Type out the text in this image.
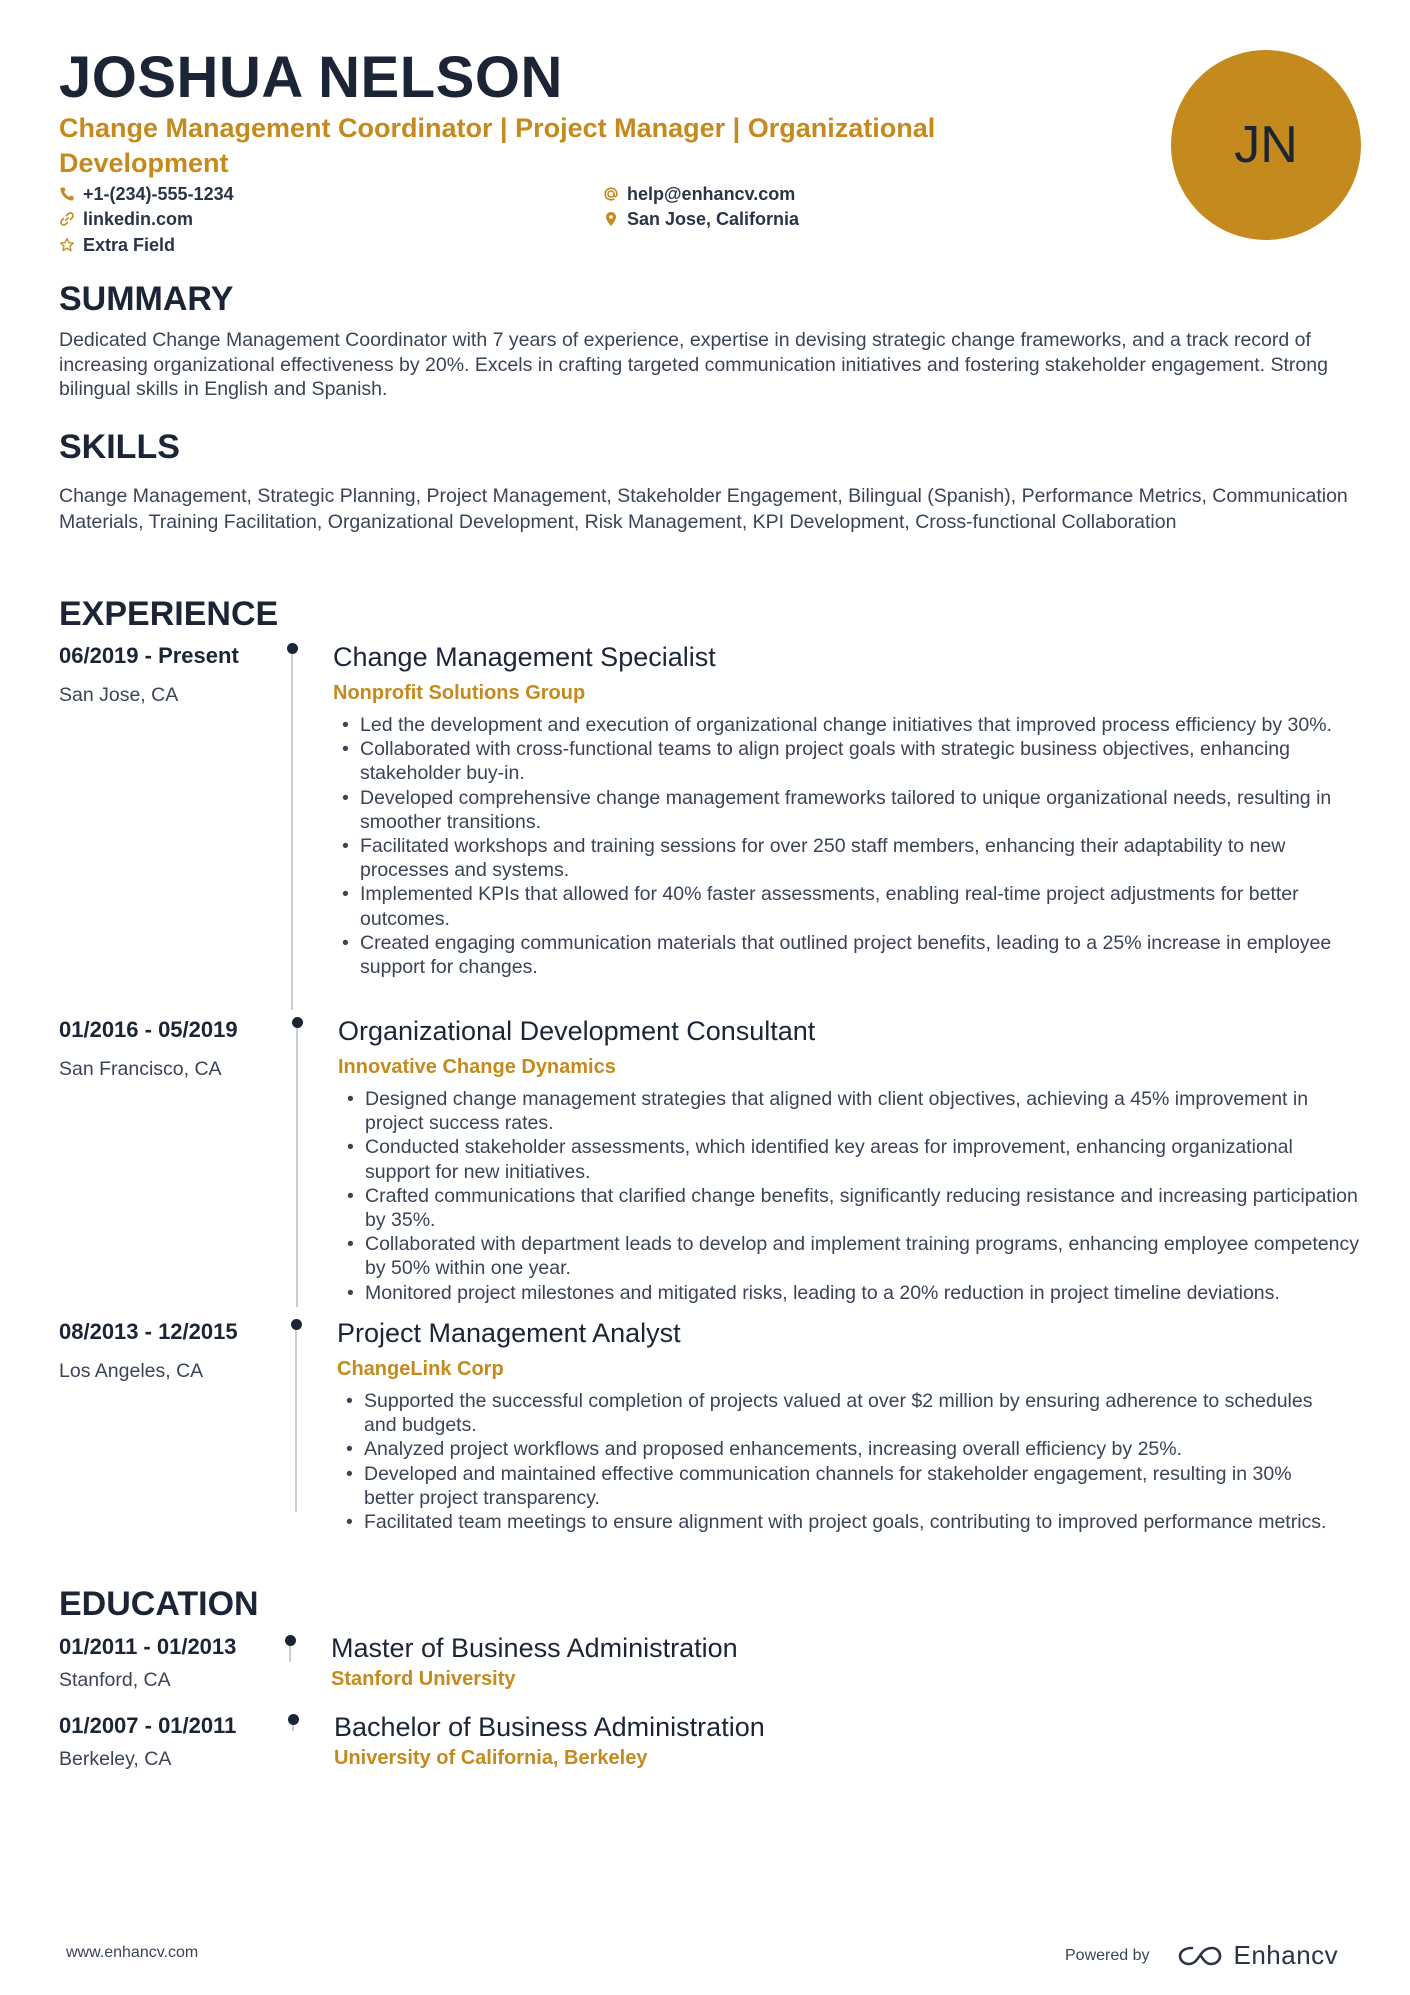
JOSHUA NELSON
Change Management Coordinator | Project Manager | Organizational Development	JN
+1-(234)-555-1234	help@enhancv.com
linkedin.com	San Jose, California
Extra Field
SUMMARY
Dedicated Change Management Coordinator with 7 years of experience, expertise in devising strategic change frameworks, and a track record of increasing organizational effectiveness by 20%. Excels in crafting targeted communication initiatives and fostering stakeholder engagement. Strong bilingual skills in English and Spanish.
SKILLS
Change Management, Strategic Planning, Project Management, Stakeholder Engagement, Bilingual (Spanish), Performance Metrics, Communication Materials, Training Facilitation, Organizational Development, Risk Management, KPI Development, Cross-functional Collaboration
EXPERIENCE
06/2019 - Present
San Jose, CA
Change Management Specialist
Nonprofit Solutions Group
• Led the development and execution of organizational change initiatives that improved process efficiency by 30%.
• Collaborated with cross-functional teams to align project goals with strategic business objectives, enhancing stakeholder buy-in.
• Developed comprehensive change management frameworks tailored to unique organizational needs, resulting in smoother transitions.
• Facilitated workshops and training sessions for over 250 staff members, enhancing their adaptability to new processes and systems.
• Implemented KPIs that allowed for 40% faster assessments, enabling real-time project adjustments for better outcomes.
• Created engaging communication materials that outlined project benefits, leading to a 25% increase in employee support for changes.
01/2016 - 05/2019
San Francisco, CA
Organizational Development Consultant
Innovative Change Dynamics
• Designed change management strategies that aligned with client objectives, achieving a 45% improvement in project success rates.
• Conducted stakeholder assessments, which identified key areas for improvement, enhancing organizational support for new initiatives.
• Crafted communications that clarified change benefits, significantly reducing resistance and increasing participation by 35%.
• Collaborated with department leads to develop and implement training programs, enhancing employee competency by 50% within one year.
• Monitored project milestones and mitigated risks, leading to a 20% reduction in project timeline deviations.
08/2013 - 12/2015
Los Angeles, CA
Project Management Analyst
ChangeLink Corp
• Supported the successful completion of projects valued at over $2 million by ensuring adherence to schedules and budgets.
• Analyzed project workflows and proposed enhancements, increasing overall efficiency by 25%.
• Developed and maintained effective communication channels for stakeholder engagement, resulting in 30% better project transparency.
• Facilitated team meetings to ensure alignment with project goals, contributing to improved performance metrics.
EDUCATION
01/2011 - 01/2013
Stanford, CA
Master of Business Administration
Stanford University
01/2007 - 01/2011
Berkeley, CA
Bachelor of Business Administration
University of California, Berkeley
www.enhancv.com	Powered by	Enhancv
